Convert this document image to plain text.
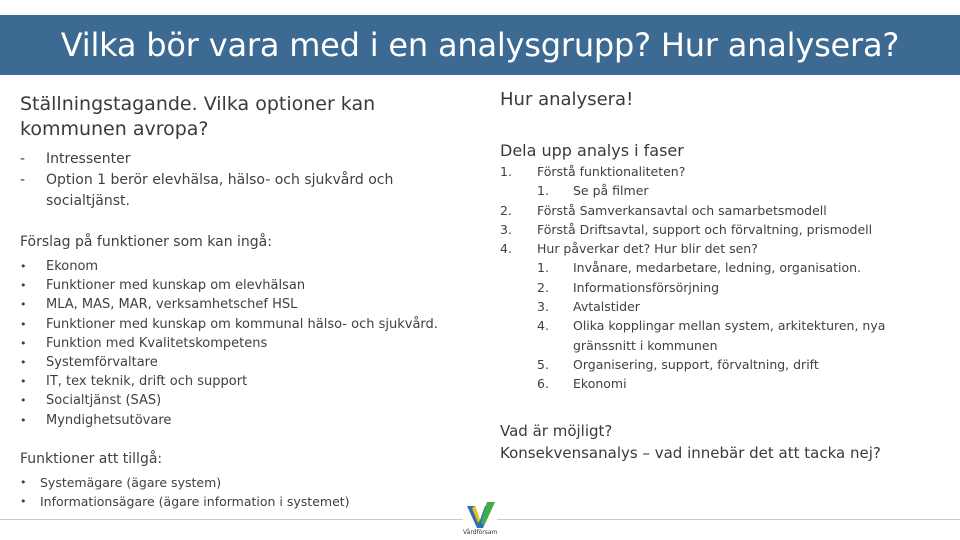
Vilka bör vara med i en analysgrupp? Hur analysera?

Ställningstagande. Vilka optioner kan kommunen avropa?

- Intressenter
- Option 1 berör elevhälsa, hälso- och sjukvård och socialtjänst.

Förslag på funktioner som kan ingå:

• Ekonom
• Funktioner med kunskap om elevhälsan
• MLA, MAS, MAR, verksamhetschef HSL
• Funktioner med kunskap om kommunal hälso- och sjukvård.
• Funktion med Kvalitetskompetens
• Systemförvaltare
• IT, tex teknik, drift och support
• Socialtjänst (SAS)
• Myndighetsutövare

Funktioner att tillgå:

• Systemägare (ägare system)
• Informationsägare (ägare information i systemet)

Hur analysera!

Dela upp analys i faser

1. Förstå funktionaliteten?
1. Se på filmer
2. Förstå Samverkansavtal och samarbetsmodell
3. Förstå Driftsavtal, support och förvaltning, prismodell
4. Hur påverkar det? Hur blir det sen?
1. Invånare, medarbetare, ledning, organisation.
2. Informationsförsörjning
3. Avtalstider
4. Olika kopplingar mellan system, arkitekturen, nya gränssnitt i kommunen
5. Organisering, support, förvaltning, drift
6. Ekonomi

Vad är möjligt?

Konsekvensanalys – vad innebär det att tacka nej?

Vårdförsam
